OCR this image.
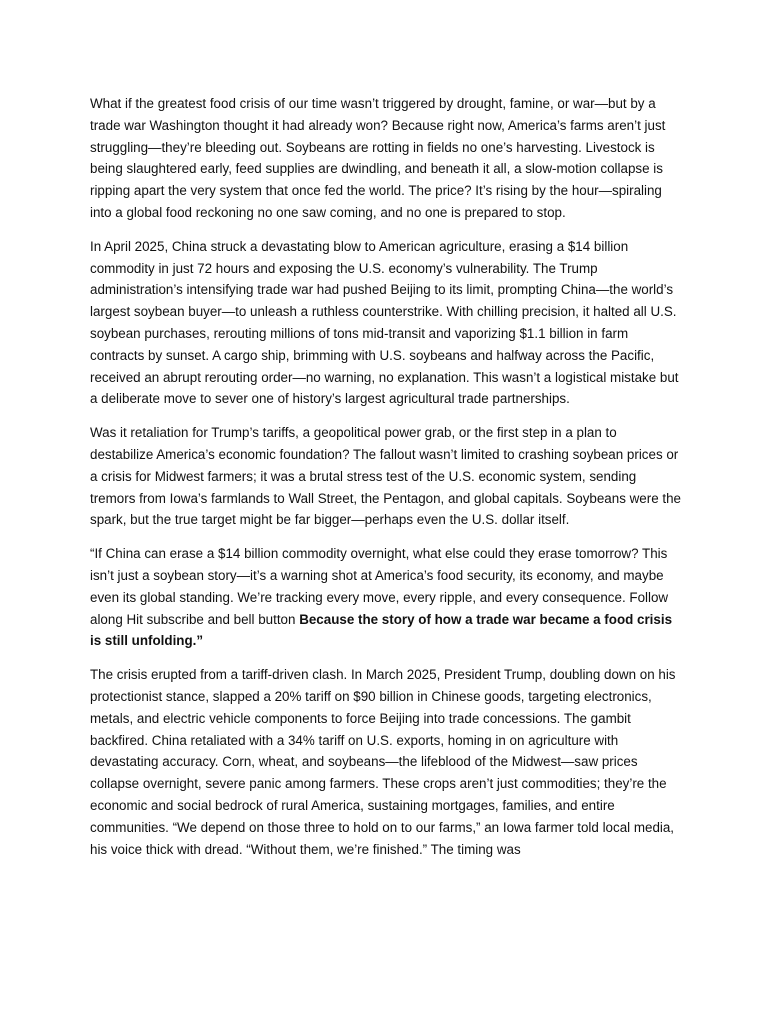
What if the greatest food crisis of our time wasn’t triggered by drought, famine, or war—but by a trade war Washington thought it had already won? Because right now, America’s farms aren’t just struggling—they’re bleeding out. Soybeans are rotting in fields no one’s harvesting. Livestock is being slaughtered early, feed supplies are dwindling, and beneath it all, a slow-motion collapse is ripping apart the very system that once fed the world. The price? It’s rising by the hour—spiraling into a global food reckoning no one saw coming, and no one is prepared to stop.

In April 2025, China struck a devastating blow to American agriculture, erasing a $14 billion commodity in just 72 hours and exposing the U.S. economy’s vulnerability. The Trump administration’s intensifying trade war had pushed Beijing to its limit, prompting China—the world’s largest soybean buyer—to unleash a ruthless counterstrike. With chilling precision, it halted all U.S. soybean purchases, rerouting millions of tons mid-transit and vaporizing $1.1 billion in farm contracts by sunset. A cargo ship, brimming with U.S. soybeans and halfway across the Pacific, received an abrupt rerouting order—no warning, no explanation. This wasn’t a logistical mistake but a deliberate move to sever one of history’s largest agricultural trade partnerships.

Was it retaliation for Trump’s tariffs, a geopolitical power grab, or the first step in a plan to destabilize America’s economic foundation? The fallout wasn’t limited to crashing soybean prices or a crisis for Midwest farmers; it was a brutal stress test of the U.S. economic system, sending tremors from Iowa’s farmlands to Wall Street, the Pentagon, and global capitals. Soybeans were the spark, but the true target might be far bigger—perhaps even the U.S. dollar itself.

“If China can erase a $14 billion commodity overnight, what else could they erase tomorrow? This isn’t just a soybean story—it’s a warning shot at America’s food security, its economy, and maybe even its global standing. We’re tracking every move, every ripple, and every consequence. Follow along Hit subscribe and bell button Because the story of how a trade war became a food crisis is still unfolding.”

The crisis erupted from a tariff-driven clash. In March 2025, President Trump, doubling down on his protectionist stance, slapped a 20% tariff on $90 billion in Chinese goods, targeting electronics, metals, and electric vehicle components to force Beijing into trade concessions. The gambit backfired. China retaliated with a 34% tariff on U.S. exports, homing in on agriculture with devastating accuracy. Corn, wheat, and soybeans—the lifeblood of the Midwest—saw prices collapse overnight, severe panic among farmers. These crops aren’t just commodities; they’re the economic and social bedrock of rural America, sustaining mortgages, families, and entire communities. “We depend on those three to hold on to our farms,” an Iowa farmer told local media, his voice thick with dread. “Without them, we’re finished.” The timing was
